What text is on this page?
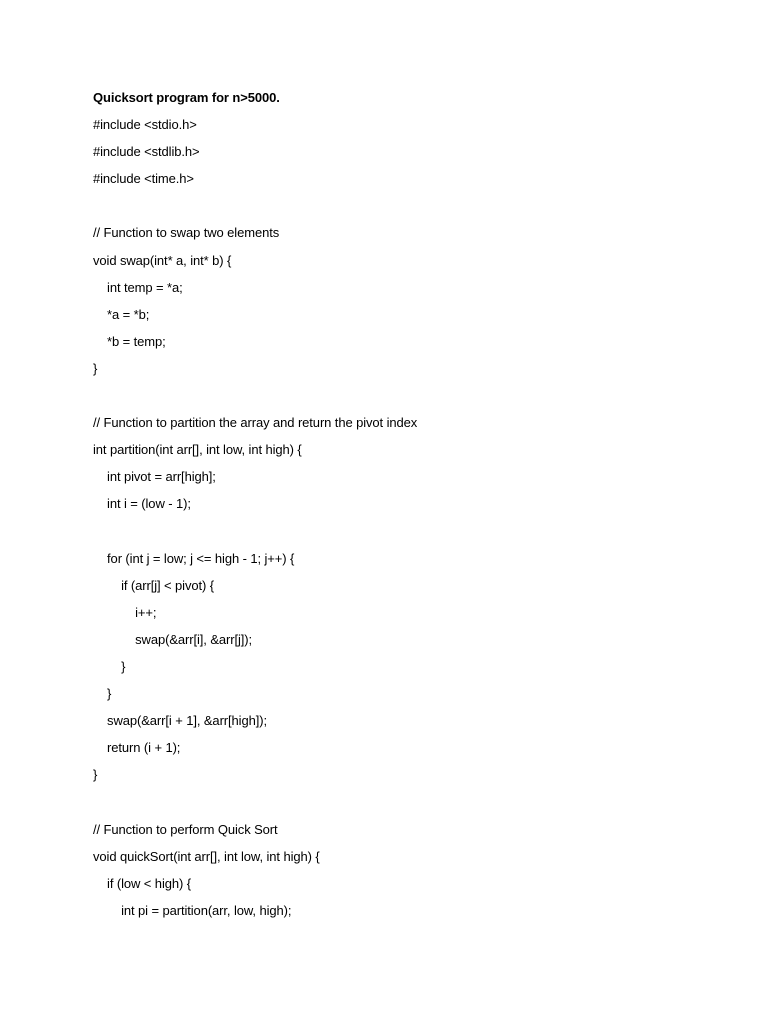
Quicksort program for n>5000.
#include <stdio.h>
#include <stdlib.h>
#include <time.h>
// Function to swap two elements
void swap(int* a, int* b) {
int temp = *a;
*a = *b;
*b = temp;
}
// Function to partition the array and return the pivot index
int partition(int arr[], int low, int high) {
int pivot = arr[high];
int i = (low - 1);
for (int j = low; j <= high - 1; j++) {
if (arr[j] < pivot) {
i++;
swap(&arr[i], &arr[j]);
}
}
swap(&arr[i + 1], &arr[high]);
return (i + 1);
}
// Function to perform Quick Sort
void quickSort(int arr[], int low, int high) {
if (low < high) {
int pi = partition(arr, low, high);
